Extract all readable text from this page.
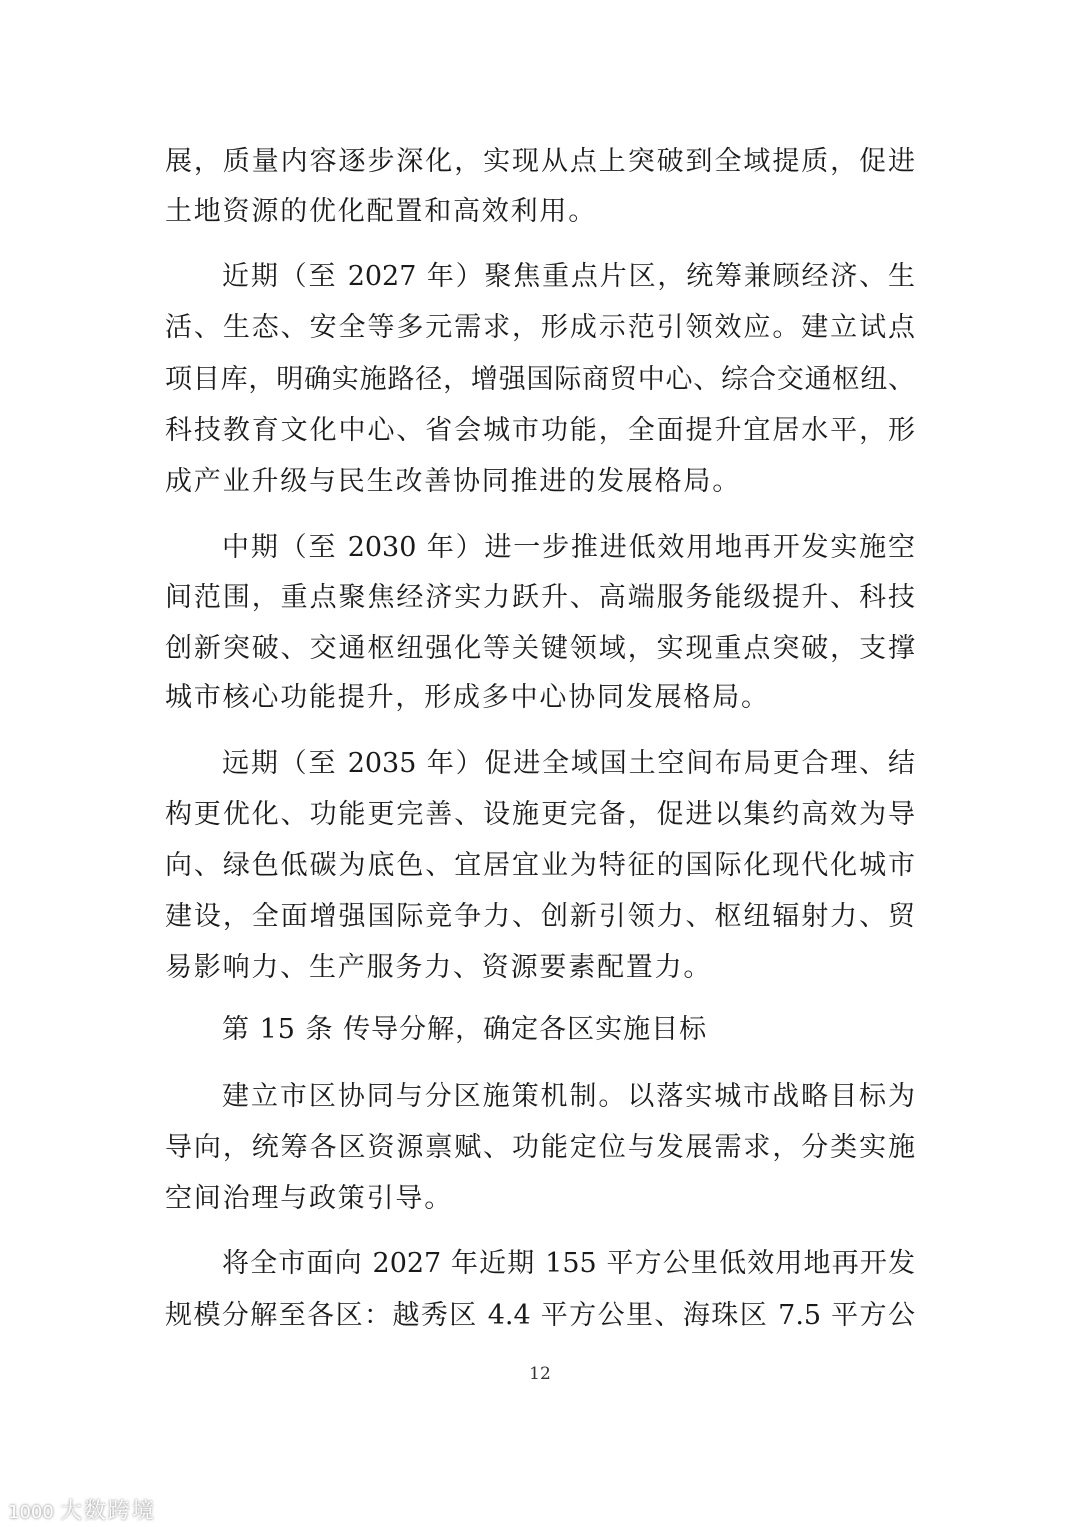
展，质量内容逐步深化，实现从点上突破到全域提质，促进
土地资源的优化配置和高效利用。
近期（至 2027 年）聚焦重点片区，统筹兼顾经济、生
活、生态、安全等多元需求，形成示范引领效应。建立试点
项目库，明确实施路径，增强国际商贸中心、综合交通枢纽、
科技教育文化中心、省会城市功能，全面提升宜居水平，形
成产业升级与民生改善协同推进的发展格局。
中期（至 2030 年）进一步推进低效用地再开发实施空
间范围，重点聚焦经济实力跃升、高端服务能级提升、科技
创新突破、交通枢纽强化等关键领域，实现重点突破，支撑
城市核心功能提升，形成多中心协同发展格局。
远期（至 2035 年）促进全域国土空间布局更合理、结
构更优化、功能更完善、设施更完备，促进以集约高效为导
向、绿色低碳为底色、宜居宜业为特征的国际化现代化城市
建设，全面增强国际竞争力、创新引领力、枢纽辐射力、贸
易影响力、生产服务力、资源要素配置力。
第 15 条 传导分解，确定各区实施目标
建立市区协同与分区施策机制。以落实城市战略目标为
导向，统筹各区资源禀赋、功能定位与发展需求，分类实施
空间治理与政策引导。
将全市面向 2027 年近期 155 平方公里低效用地再开发
规模分解至各区：越秀区 4.4 平方公里、海珠区 7.5 平方公
12
1000 大数跨境
